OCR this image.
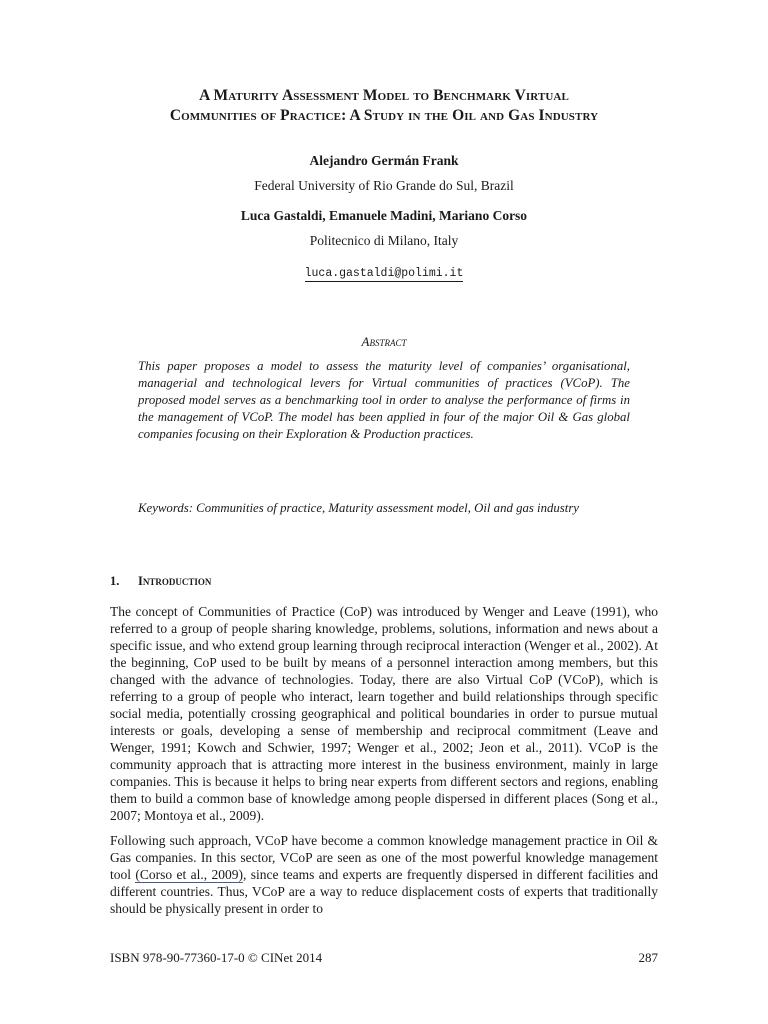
A Maturity Assessment Model to Benchmark Virtual
Communities of Practice: A Study in the Oil and Gas Industry
Alejandro Germán Frank
Federal University of Rio Grande do Sul, Brazil
Luca Gastaldi, Emanuele Madini, Mariano Corso
Politecnico di Milano, Italy
luca.gastaldi@polimi.it
Abstract
This paper proposes a model to assess the maturity level of companies’ organisational, managerial and technological levers for Virtual communities of practices (VCoP). The proposed model serves as a benchmarking tool in order to analyse the performance of firms in the management of VCoP. The model has been applied in four of the major Oil & Gas global companies focusing on their Exploration & Production practices.
Keywords: Communities of practice, Maturity assessment model, Oil and gas industry
1.	Introduction

The concept of Communities of Practice (CoP) was introduced by Wenger and Leave (1991), who referred to a group of people sharing knowledge, problems, solutions, information and news about a specific issue, and who extend group learning through reciprocal interaction (Wenger et al., 2002). At the beginning, CoP used to be built by means of a personnel interaction among members, but this changed with the advance of technologies. Today, there are also Virtual CoP (VCoP), which is referring to a group of people who interact, learn together and build relationships through specific social media, potentially crossing geographical and political boundaries in order to pursue mutual interests or goals, developing a sense of membership and reciprocal commitment (Leave and Wenger, 1991; Kowch and Schwier, 1997; Wenger et al., 2002; Jeon et al., 2011). VCoP is the community approach that is attracting more interest in the business environment, mainly in large companies. This is because it helps to bring near experts from different sectors and regions, enabling them to build a common base of knowledge among people dispersed in different places (Song et al., 2007; Montoya et al., 2009).

Following such approach, VCoP have become a common knowledge management practice in Oil & Gas companies. In this sector, VCoP are seen as one of the most powerful knowledge management tool (Corso et al., 2009), since teams and experts are frequently dispersed in different facilities and different countries. Thus, VCoP are a way to reduce displacement costs of experts that traditionally should be physically present in order to

ISBN 978-90-77360-17-0 © CINet 2014	287
